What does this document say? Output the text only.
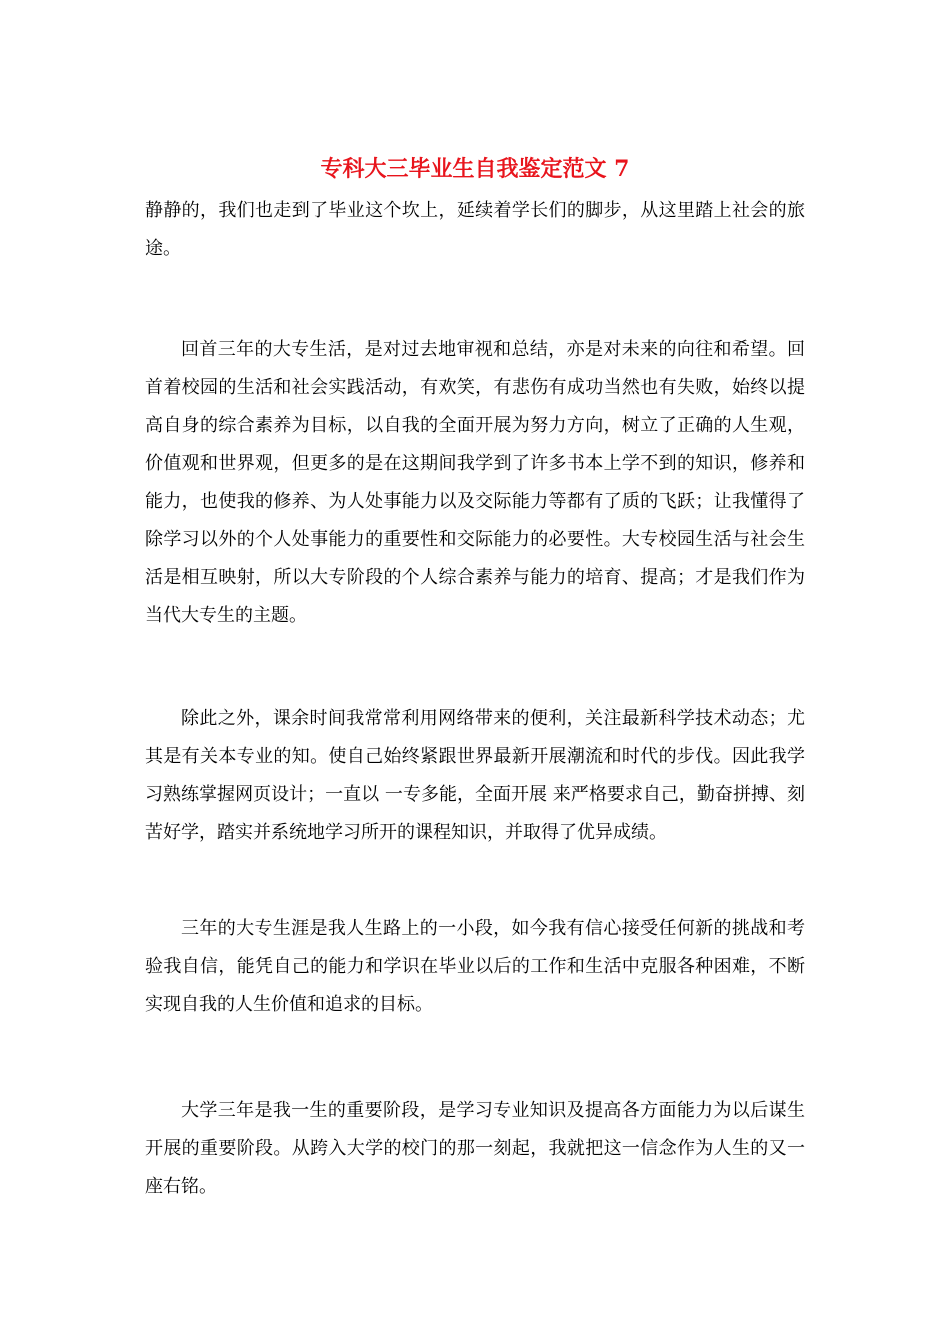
专科大三毕业生自我鉴定范文 7

静静的，我们也走到了毕业这个坎上，延续着学长们的脚步，从这里踏上社会的旅途。

回首三年的大专生活，是对过去地审视和总结，亦是对未来的向往和希望。回首着校园的生活和社会实践活动，有欢笑，有悲伤有成功当然也有失败，始终以提高自身的综合素养为目标，以自我的全面开展为努力方向，树立了正确的人生观，价值观和世界观，但更多的是在这期间我学到了许多书本上学不到的知识，修养和能力，也使我的修养、为人处事能力以及交际能力等都有了质的飞跃；让我懂得了除学习以外的个人处事能力的重要性和交际能力的必要性。大专校园生活与社会生活是相互映射，所以大专阶段的个人综合素养与能力的培育、提高；才是我们作为当代大专生的主题。

除此之外，课余时间我常常利用网络带来的便利，关注最新科学技术动态；尤其是有关本专业的知。使自己始终紧跟世界最新开展潮流和时代的步伐。因此我学习熟练掌握网页设计；一直以 一专多能，全面开展 来严格要求自己，勤奋拼搏、刻苦好学，踏实并系统地学习所开的课程知识，并取得了优异成绩。

三年的大专生涯是我人生路上的一小段，如今我有信心接受任何新的挑战和考验我自信，能凭自己的能力和学识在毕业以后的工作和生活中克服各种困难，不断实现自我的人生价值和追求的目标。

大学三年是我一生的重要阶段，是学习专业知识及提高各方面能力为以后谋生开展的重要阶段。从跨入大学的校门的那一刻起，我就把这一信念作为人生的又一座右铭。
